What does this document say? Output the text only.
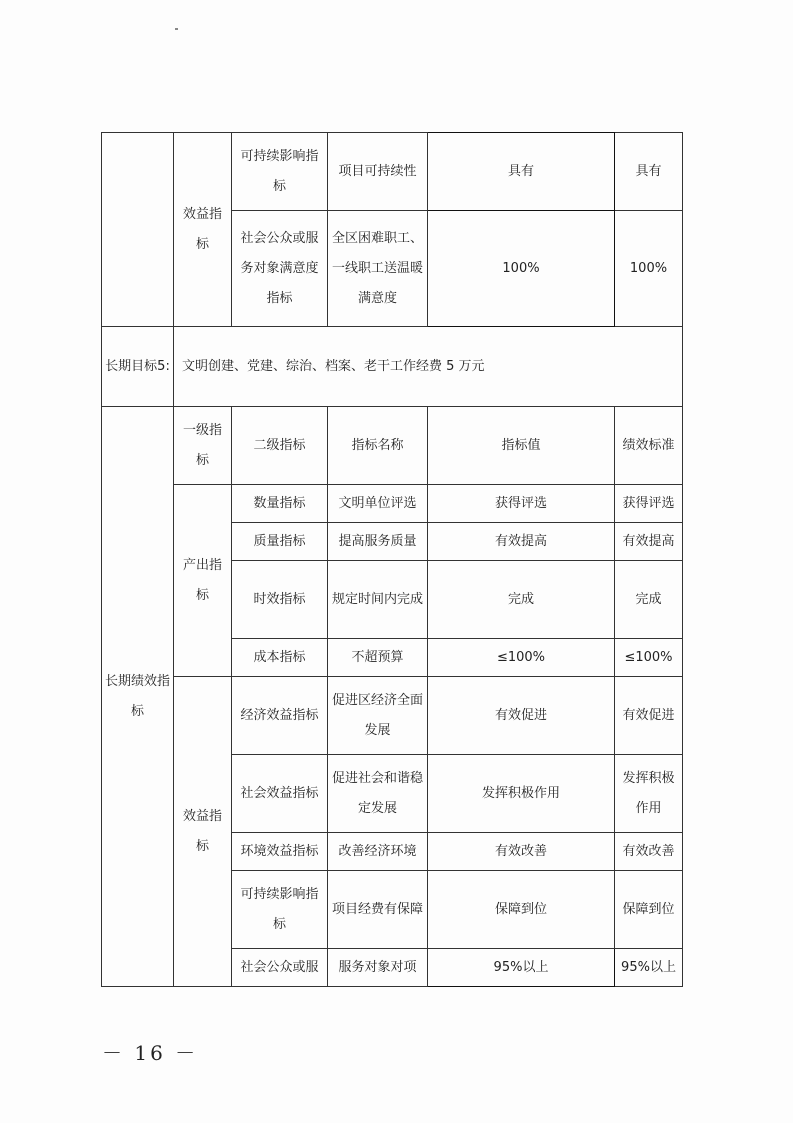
	效益指标	可持续影响指标	项目可持续性	具有	具有
		社会公众或服务对象满意度指标	全区困难职工、一线职工送温暖满意度	100%	100%
长期目标5:	文明创建、党建、综治、档案、老干工作经费 5 万元				
长期绩效指标	一级指标	二级指标	指标名称	指标值	绩效标准
	产出指标	数量指标	文明单位评选	获得评选	获得评选
		质量指标	提高服务质量	有效提高	有效提高
		时效指标	规定时间内完成	完成	完成
		成本指标	不超预算	≤100%	≤100%
	效益指标	经济效益指标	促进区经济全面发展	有效促进	有效促进
		社会效益指标	促进社会和谐稳定发展	发挥积极作用	发挥积极作用
		环境效益指标	改善经济环境	有效改善	有效改善
		可持续影响指标	项目经费有保障	保障到位	保障到位
		社会公众或服	服务对象对项	95%以上	95%以上
－ 16 －
